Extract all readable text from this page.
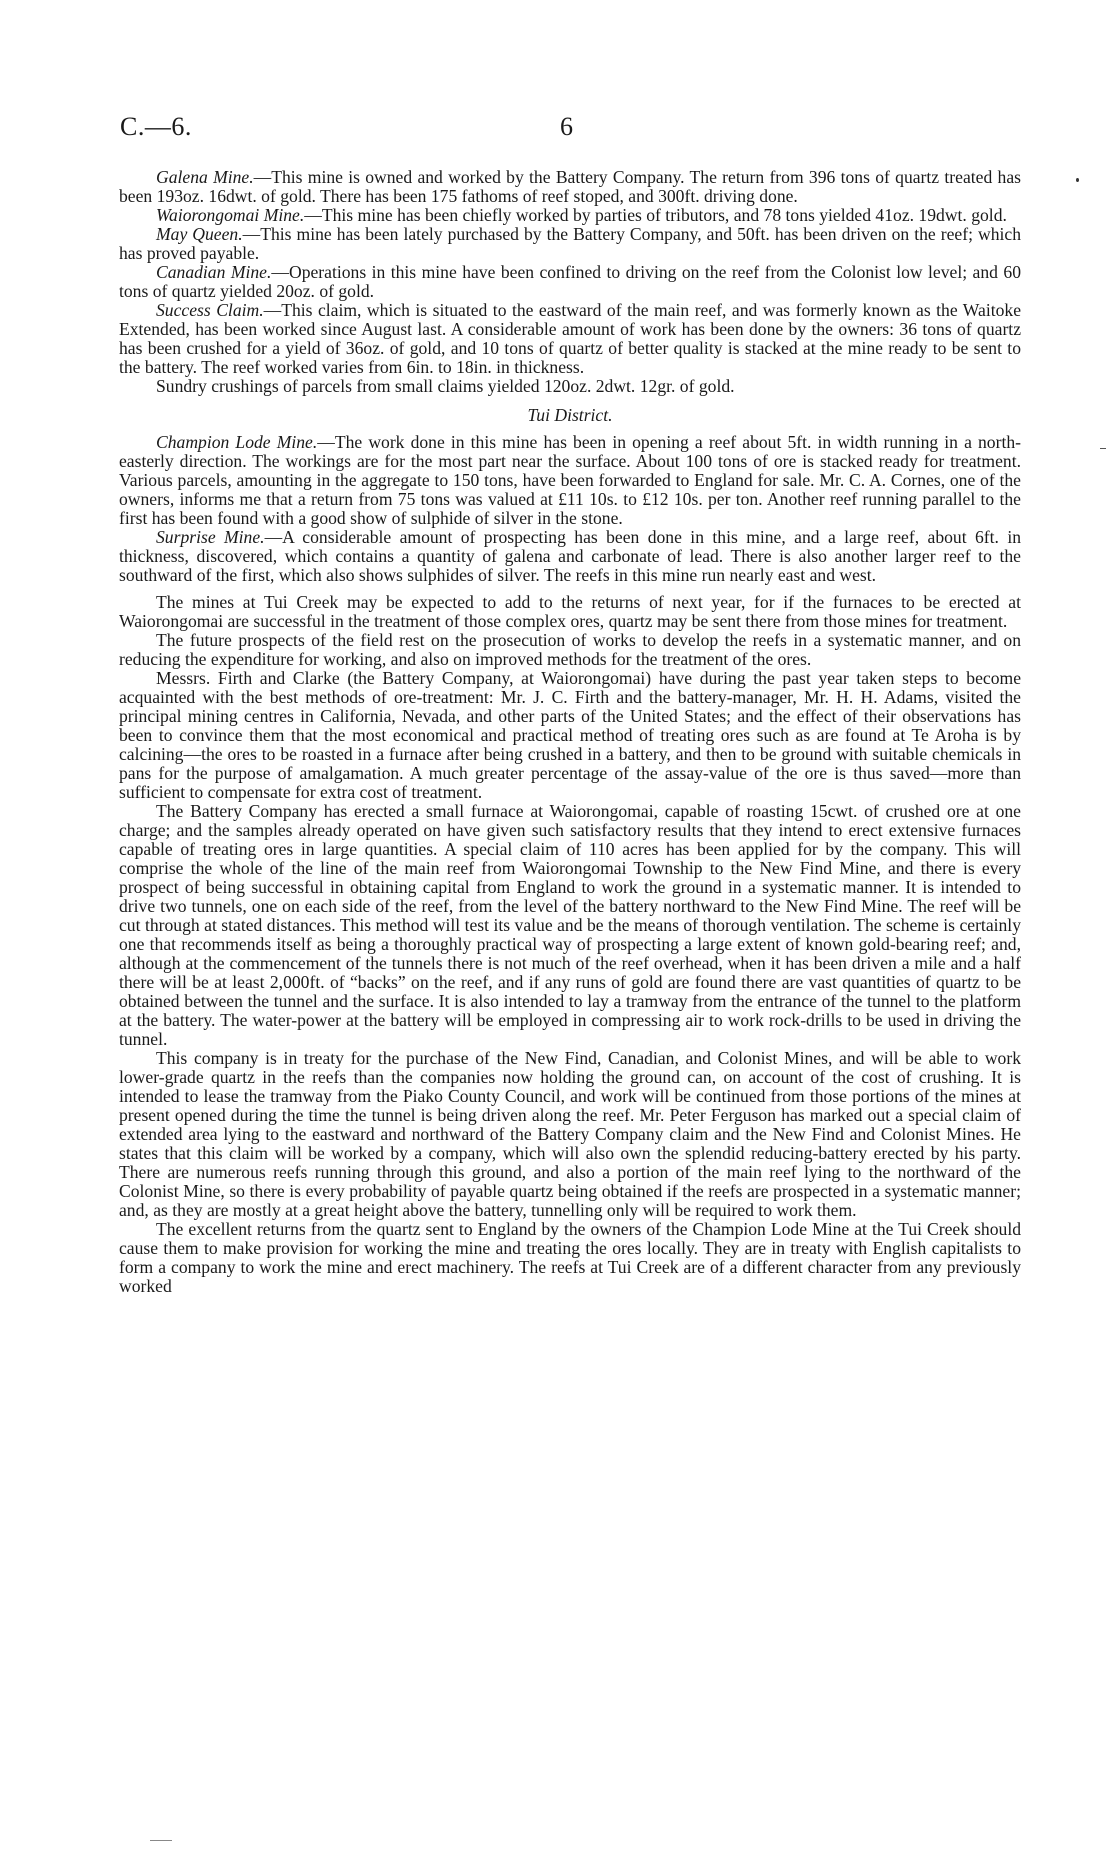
C.—6.	6

Galena Mine.—This mine is owned and worked by the Battery Company. The return from 396 tons of quartz treated has been 193oz. 16dwt. of gold. There has been 175 fathoms of reef stoped, and 300ft. driving done.

Waiorongomai Mine.—This mine has been chiefly worked by parties of tributors, and 78 tons yielded 41oz. 19dwt. gold.

May Queen.—This mine has been lately purchased by the Battery Company, and 50ft. has been driven on the reef; which has proved payable.

Canadian Mine.—Operations in this mine have been confined to driving on the reef from the Colonist low level; and 60 tons of quartz yielded 20oz. of gold.

Success Claim.—This claim, which is situated to the eastward of the main reef, and was formerly known as the Waitoke Extended, has been worked since August last. A considerable amount of work has been done by the owners: 36 tons of quartz has been crushed for a yield of 36oz. of gold, and 10 tons of quartz of better quality is stacked at the mine ready to be sent to the battery. The reef worked varies from 6in. to 18in. in thickness.

Sundry crushings of parcels from small claims yielded 120oz. 2dwt. 12gr. of gold.

Tui District.

Champion Lode Mine.—The work done in this mine has been in opening a reef about 5ft. in width running in a north-easterly direction. The workings are for the most part near the surface. About 100 tons of ore is stacked ready for treatment. Various parcels, amounting in the aggregate to 150 tons, have been forwarded to England for sale. Mr. C. A. Cornes, one of the owners, informs me that a return from 75 tons was valued at £11 10s. to £12 10s. per ton. Another reef running parallel to the first has been found with a good show of sulphide of silver in the stone.

Surprise Mine.—A considerable amount of prospecting has been done in this mine, and a large reef, about 6ft. in thickness, discovered, which contains a quantity of galena and carbonate of lead. There is also another larger reef to the southward of the first, which also shows sulphides of silver. The reefs in this mine run nearly east and west.

The mines at Tui Creek may be expected to add to the returns of next year, for if the furnaces to be erected at Waiorongomai are successful in the treatment of those complex ores, quartz may be sent there from those mines for treatment.

The future prospects of the field rest on the prosecution of works to develop the reefs in a systematic manner, and on reducing the expenditure for working, and also on improved methods for the treatment of the ores.

Messrs. Firth and Clarke (the Battery Company, at Waiorongomai) have during the past year taken steps to become acquainted with the best methods of ore-treatment: Mr. J. C. Firth and the battery-manager, Mr. H. H. Adams, visited the principal mining centres in California, Nevada, and other parts of the United States; and the effect of their observations has been to convince them that the most economical and practical method of treating ores such as are found at Te Aroha is by calcining—the ores to be roasted in a furnace after being crushed in a battery, and then to be ground with suitable chemicals in pans for the purpose of amalgamation. A much greater percentage of the assay-value of the ore is thus saved—more than sufficient to compensate for extra cost of treatment.

The Battery Company has erected a small furnace at Waiorongomai, capable of roasting 15cwt. of crushed ore at one charge; and the samples already operated on have given such satisfactory results that they intend to erect extensive furnaces capable of treating ores in large quantities. A special claim of 110 acres has been applied for by the company. This will comprise the whole of the line of the main reef from Waiorongomai Township to the New Find Mine, and there is every prospect of being successful in obtaining capital from England to work the ground in a systematic manner. It is intended to drive two tunnels, one on each side of the reef, from the level of the battery northward to the New Find Mine. The reef will be cut through at stated distances. This method will test its value and be the means of thorough ventilation. The scheme is certainly one that recommends itself as being a thoroughly practical way of prospecting a large extent of known gold-bearing reef; and, although at the commencement of the tunnels there is not much of the reef overhead, when it has been driven a mile and a half there will be at least 2,000ft. of “backs” on the reef, and if any runs of gold are found there are vast quantities of quartz to be obtained between the tunnel and the surface. It is also intended to lay a tramway from the entrance of the tunnel to the platform at the battery. The water-power at the battery will be employed in compressing air to work rock-drills to be used in driving the tunnel.

This company is in treaty for the purchase of the New Find, Canadian, and Colonist Mines, and will be able to work lower-grade quartz in the reefs than the companies now holding the ground can, on account of the cost of crushing. It is intended to lease the tramway from the Piako County Council, and work will be continued from those portions of the mines at present opened during the time the tunnel is being driven along the reef. Mr. Peter Ferguson has marked out a special claim of extended area lying to the eastward and northward of the Battery Company claim and the New Find and Colonist Mines. He states that this claim will be worked by a company, which will also own the splendid reducing-battery erected by his party. There are numerous reefs running through this ground, and also a portion of the main reef lying to the northward of the Colonist Mine, so there is every probability of payable quartz being obtained if the reefs are prospected in a systematic manner; and, as they are mostly at a great height above the battery, tunnelling only will be required to work them.

The excellent returns from the quartz sent to England by the owners of the Champion Lode Mine at the Tui Creek should cause them to make provision for working the mine and treating the ores locally. They are in treaty with English capitalists to form a company to work the mine and erect machinery. The reefs at Tui Creek are of a different character from any previously worked
